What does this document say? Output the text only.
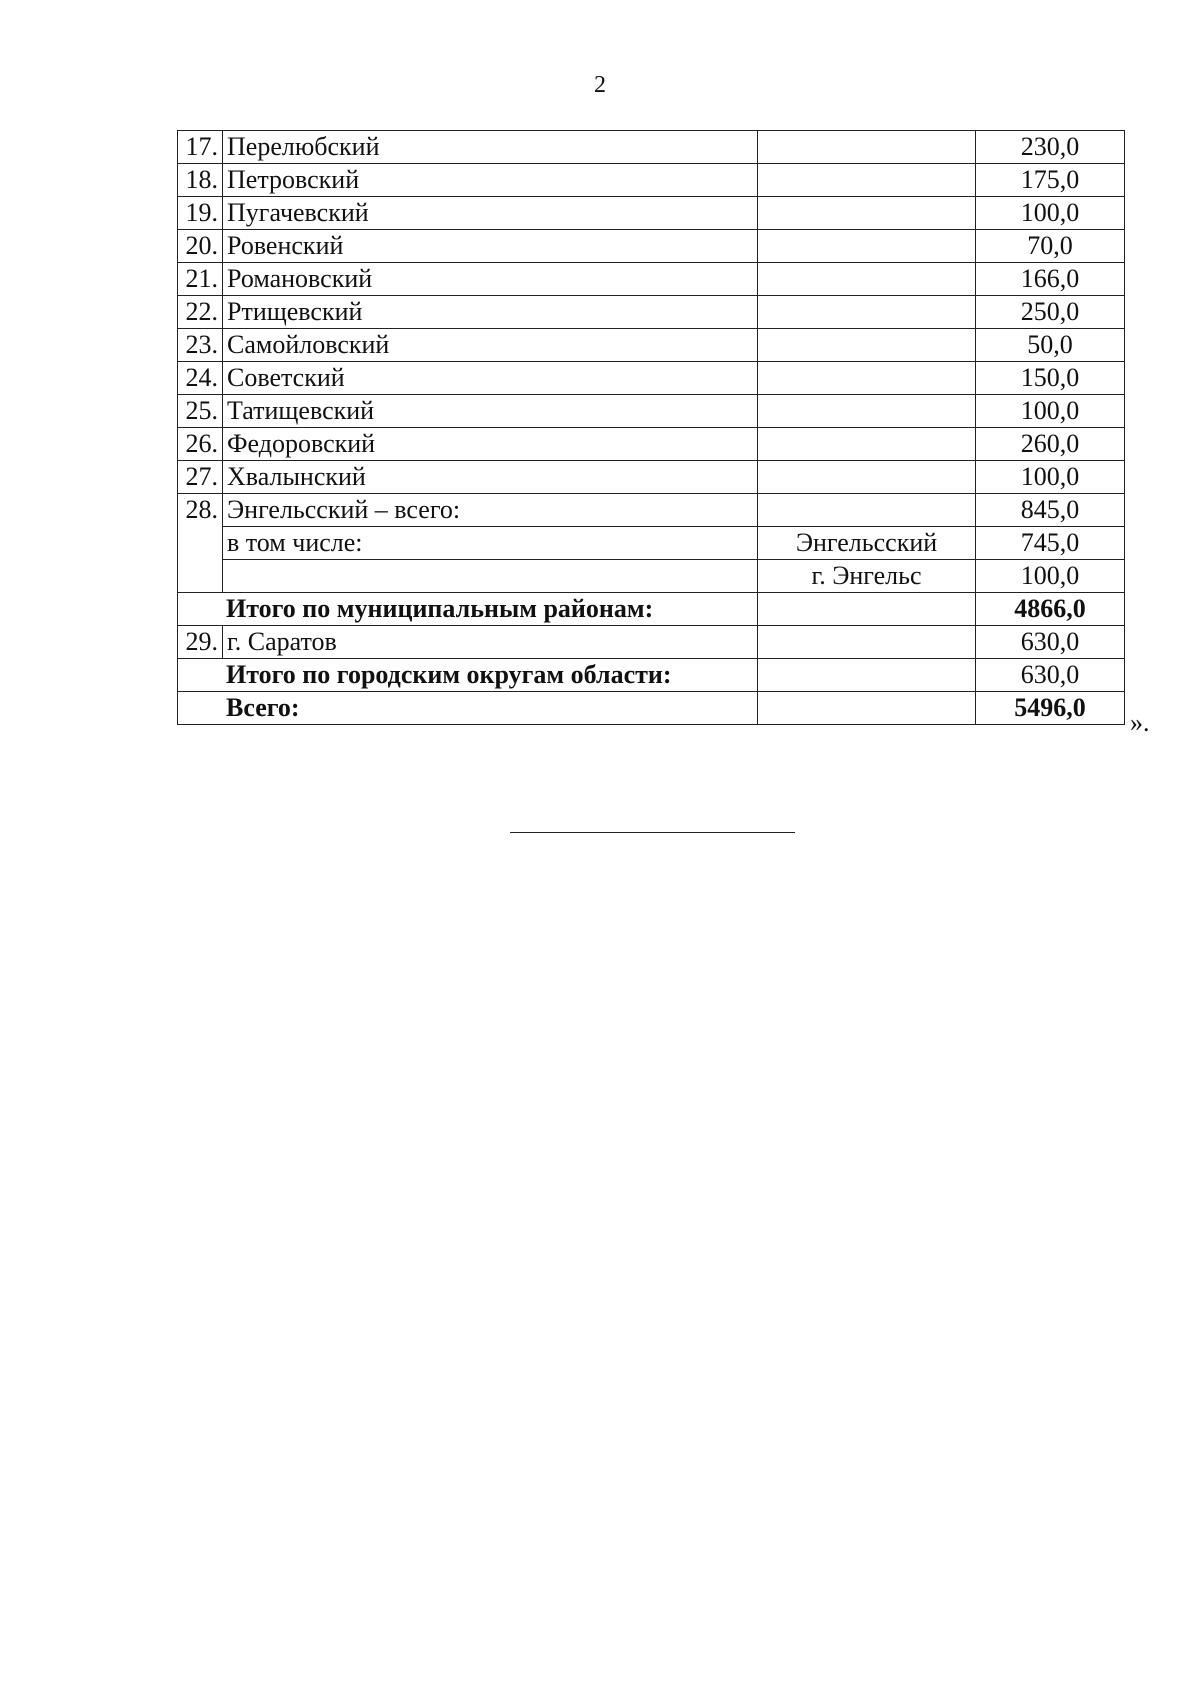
2
17.	Перелюбский		230,0
18.	Петровский		175,0
19.	Пугачевский		100,0
20.	Ровенский		70,0
21.	Романовский		166,0
22.	Ртищевский		250,0
23.	Самойловский		50,0
24.	Советский		150,0
25.	Татищевский		100,0
26.	Федоровский		260,0
27.	Хвалынский		100,0
28.	Энгельсский – всего:		845,0
	в том числе:	Энгельсский	745,0
		г. Энгельс	100,0
Итого по муниципальным районам:			4866,0
29.	г. Саратов		630,0
Итого по городским округам области:			630,0
Всего:			5496,0
».
